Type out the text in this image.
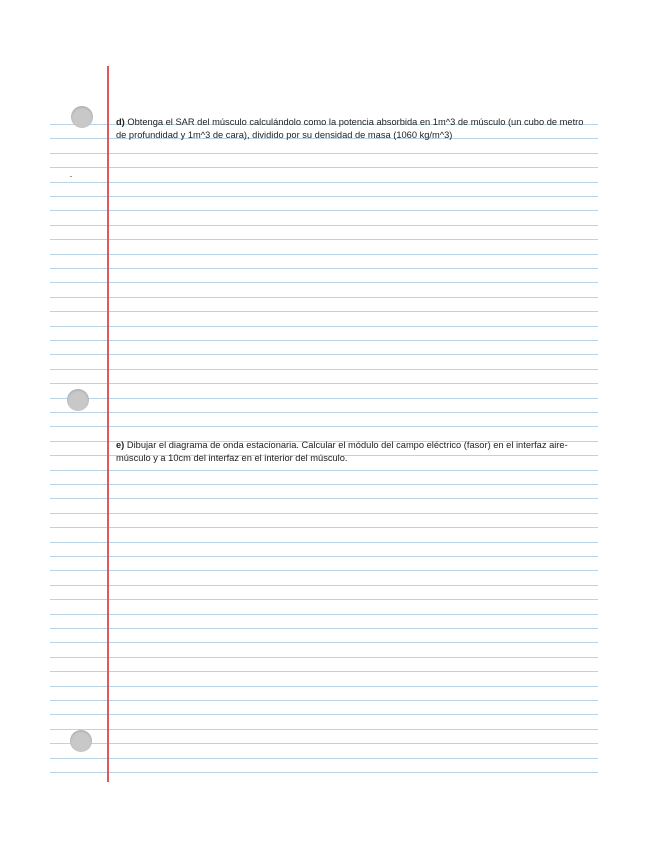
d) Obtenga el SAR del músculo calculándolo como la potencia absorbida en 1m^3 de músculo (un cubo de metro de profundidad y 1m^3 de cara), dividido por su densidad de masa (1060 kg/m^3)
e) Dibujar el diagrama de onda estacionaria. Calcular el módulo del campo eléctrico (fasor) en el interfaz aire-músculo y a 10cm del interfaz en el interior del músculo.
